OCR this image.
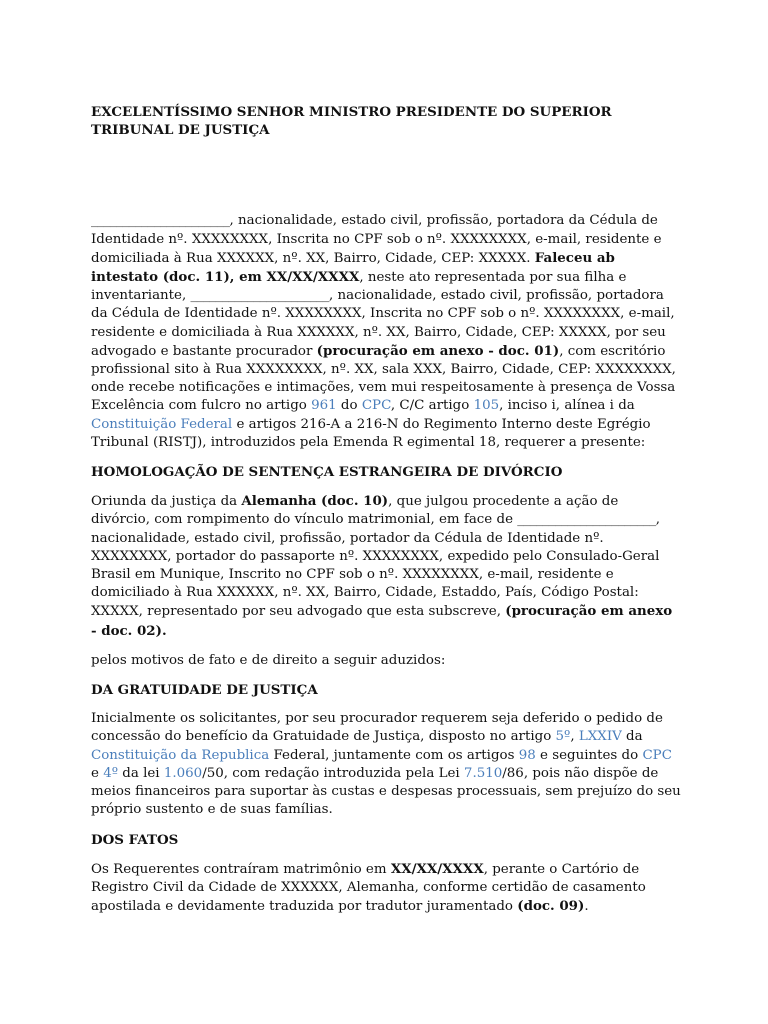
EXCELENTÍSSIMO SENHOR MINISTRO PRESIDENTE DO SUPERIOR TRIBUNAL DE JUSTIÇA

______________________, nacionalidade, estado civil, profissão, portadora da Cédula de Identidade nº. XXXXXXXX, Inscrita no CPF sob o nº. XXXXXXXX, e-mail, residente e domiciliada à Rua XXXXXX, nº. XX, Bairro, Cidade, CEP: XXXXX. Faleceu ab intestato (doc. 11), em XX/XX/XXXX, neste ato representada por sua filha e inventariante, ______________________, nacionalidade, estado civil, profissão, portadora da Cédula de Identidade nº. XXXXXXXX, Inscrita no CPF sob o nº. XXXXXXXX, e-mail, residente e domiciliada à Rua XXXXXX, nº. XX, Bairro, Cidade, CEP: XXXXX, por seu advogado e bastante procurador (procuração em anexo - doc. 01), com escritório profissional sito à Rua XXXXXXXX, nº. XX, sala XXX, Bairro, Cidade, CEP: XXXXXXXX, onde recebe notificações e intimações, vem mui respeitosamente à presença de Vossa Excelência com fulcro no artigo 961 do CPC, C/C artigo 105, inciso i, alínea i da Constituição Federal e artigos 216-A a 216-N do Regimento Interno deste Egrégio Tribunal (RISTJ), introduzidos pela Emenda R egimental 18, requerer a presente:

HOMOLOGAÇÃO DE SENTENÇA ESTRANGEIRA DE DIVÓRCIO

Oriunda da justiça da Alemanha (doc. 10), que julgou procedente a ação de divórcio, com rompimento do vínculo matrimonial, em face de ______________________, nacionalidade, estado civil, profissão, portador da Cédula de Identidade nº. XXXXXXXX, portador do passaporte nº. XXXXXXXX, expedido pelo Consulado-Geral Brasil em Munique, Inscrito no CPF sob o nº. XXXXXXXX, e-mail, residente e domiciliado à Rua XXXXXX, nº. XX, Bairro, Cidade, Estaddo, País, Código Postal: XXXXX, representado por seu advogado que esta subscreve, (procuração em anexo - doc. 02).

pelos motivos de fato e de direito a seguir aduzidos:

DA GRATUIDADE DE JUSTIÇA

Inicialmente os solicitantes, por seu procurador requerem seja deferido o pedido de concessão do benefício da Gratuidade de Justiça, disposto no artigo 5º, LXXIV da Constituição da Republica Federal, juntamente com os artigos 98 e seguintes do CPC e 4º da lei 1.060/50, com redação introduzida pela Lei 7.510/86, pois não dispõe de meios financeiros para suportar às custas e despesas processuais, sem prejuízo do seu próprio sustento e de suas famílias.

DOS FATOS

Os Requerentes contraíram matrimônio em XX/XX/XXXX, perante o Cartório de Registro Civil da Cidade de XXXXXX, Alemanha, conforme certidão de casamento apostilada e devidamente traduzida por tradutor juramentado (doc. 09).
